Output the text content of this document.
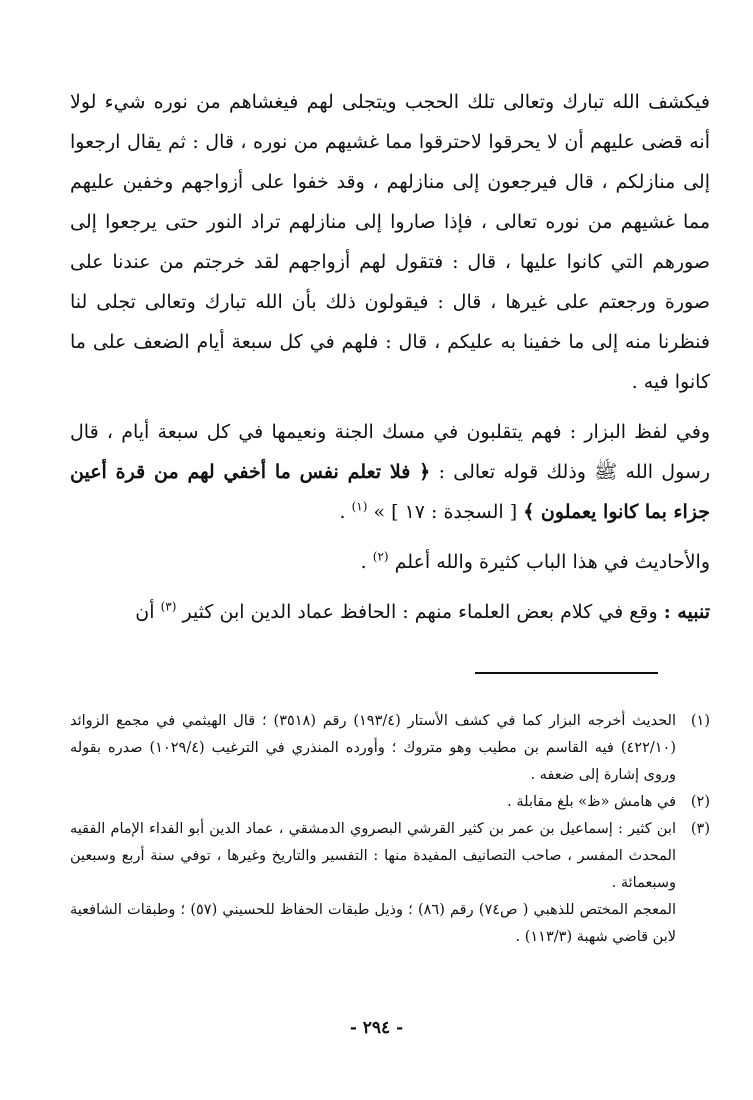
فيكشف الله تبارك وتعالى تلك الحجب ويتجلى لهم فيغشاهم من نوره شيء لولا أنه قضى عليهم أن لا يحرقوا لاحترقوا مما غشيهم من نوره ، قال : ثم يقال ارجعوا إلى منازلكم ، قال فيرجعون إلى منازلهم ، وقد خفوا على أزواجهم وخفين عليهم مما غشيهم من نوره تعالى ، فإذا صاروا إلى منازلهم تراد النور حتى يرجعوا إلى صورهم التي كانوا عليها ، قال : فتقول لهم أزواجهم لقد خرجتم من عندنا على صورة ورجعتم على غيرها ، قال : فيقولون ذلك بأن الله تبارك وتعالى تجلى لنا فنظرنا منه إلى ما خفينا به عليكم ، قال : فلهم في كل سبعة أيام الضعف على ما كانوا فيه .

وفي لفظ البزار : فهم يتقلبون في مسك الجنة ونعيمها في كل سبعة أيام ، قال رسول الله ﷺ وذلك قوله تعالى : ﴿ فلا تعلم نفس ما أخفي لهم من قرة أعين جزاء بما كانوا يعملون ﴾ [ السجدة : ١٧ ] » $^{(١)}$ .

والأحاديث في هذا الباب كثيرة والله أعلم $^{(٢)}$ .

تنبيه : وقع في كلام بعض العلماء منهم : الحافظ عماد الدين ابن كثير $^{(٣)}$ أن

(١)
الحديث أخرجه البزار كما في كشف الأستار (١٩٣/٤) رقم (٣٥١٨) ؛ قال الهيثمي في مجمع الزوائد (٤٢٢/١٠) فيه القاسم بن مطيب وهو متروك ؛ وأورده المنذري في الترغيب (١٠٢٩/٤) صدره بقوله وروى إشارة إلى ضعفه .
(٢)
في هامش «ظ» بلغ مقابلة .
(٣)
ابن كثير : إسماعيل بن عمر بن كثير القرشي البصروي الدمشقي ، عماد الدين أبو الفداء الإمام الفقيه المحدث المفسر ، صاحب التصانيف المفيدة منها : التفسير والتاريخ وغيرها ، توفي سنة أربع وسبعين وسبعمائة .

المعجم المختص للذهبي ( ص٧٤) رقم (٨٦) ؛ وذيل طبقات الحفاظ للحسيني (٥٧) ؛ وطبقات الشافعية لابن قاضي شهبة (١١٣/٣) .

- ٢٩٤ -
